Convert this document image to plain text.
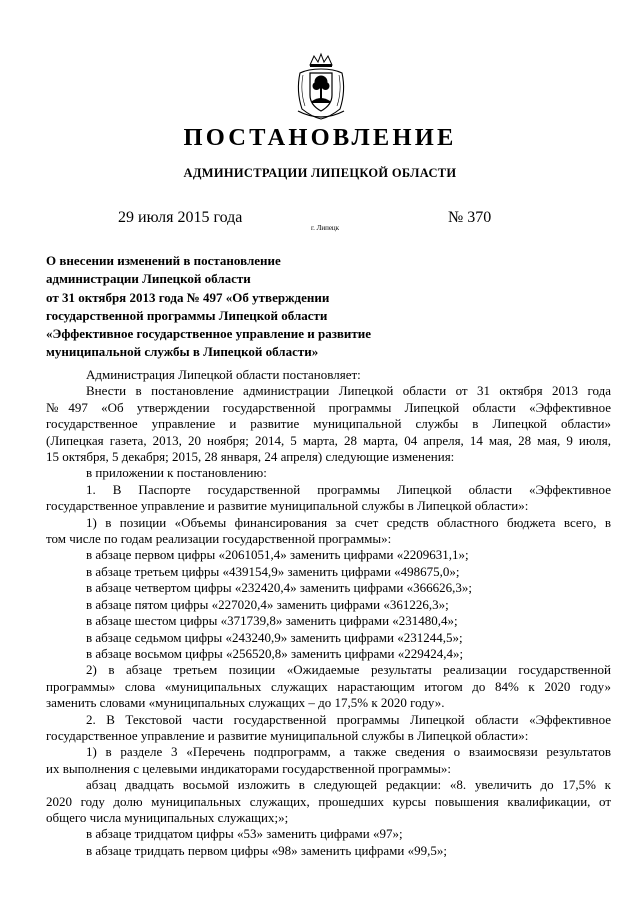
ПОСТАНОВЛЕНИЕ

АДМИНИСТРАЦИИ ЛИПЕЦКОЙ ОБЛАСТИ

29 июля 2015 года

г. Липецк

№ 370

О внесении изменений в постановление

администрации Липецкой области

от 31 октября 2013 года № 497 «Об утверждении

государственной программы Липецкой области

«Эффективное государственное управление и развитие

муниципальной службы в Липецкой области»

Администрация Липецкой области постановляет:

Внести в постановление администрации Липецкой области от 31 октября 2013 года

№497 «Об утверждении государственной программы Липецкой области «Эффективное

государственное управление и развитие муниципальной службы в Липецкой области»

(Липецкая газета, 2013, 20 ноября; 2014, 5 марта, 28 марта, 04 апреля, 14 мая, 28 мая, 9 июля,

15 октября, 5 декабря; 2015, 28 января, 24 апреля) следующие изменения:

в приложении к постановлению:

1. В Паспорте государственной программы Липецкой области «Эффективное

государственное управление и развитие муниципальной службы в Липецкой области»:

1) в позиции «Объемы финансирования за счет средств областного бюджета всего, в

том числе по годам реализации государственной программы»:

в абзаце первом цифры «2061051,4» заменить цифрами «2209631,1»;

в абзаце третьем цифры «439154,9» заменить цифрами «498675,0»;

в абзаце четвертом цифры «232420,4» заменить цифрами «366626,3»;

в абзаце пятом цифры «227020,4» заменить цифрами «361226,3»;

в абзаце шестом цифры «371739,8» заменить цифрами «231480,4»;

в абзаце седьмом цифры «243240,9» заменить цифрами «231244,5»;

в абзаце восьмом цифры «256520,8» заменить цифрами «229424,4»;

2) в абзаце третьем позиции «Ожидаемые результаты реализации государственной

программы» слова «муниципальных служащих нарастающим итогом до 84% к 2020 году»

заменить словами «муниципальных служащих – до 17,5% к 2020 году».

2. В Текстовой части государственной программы Липецкой области «Эффективное

государственное управление и развитие муниципальной службы в Липецкой области»:

1) в разделе 3 «Перечень подпрограмм, а также сведения о взаимосвязи результатов

их выполнения с целевыми индикаторами государственной программы»:

абзац двадцать восьмой изложить в следующей редакции: «8. увеличить до 17,5% к

2020 году долю муниципальных служащих, прошедших курсы повышения квалификации, от

общего числа муниципальных служащих;»;

в абзаце тридцатом цифры «53» заменить цифрами «97»;

в абзаце тридцать первом цифры «98» заменить цифрами «99,5»;
